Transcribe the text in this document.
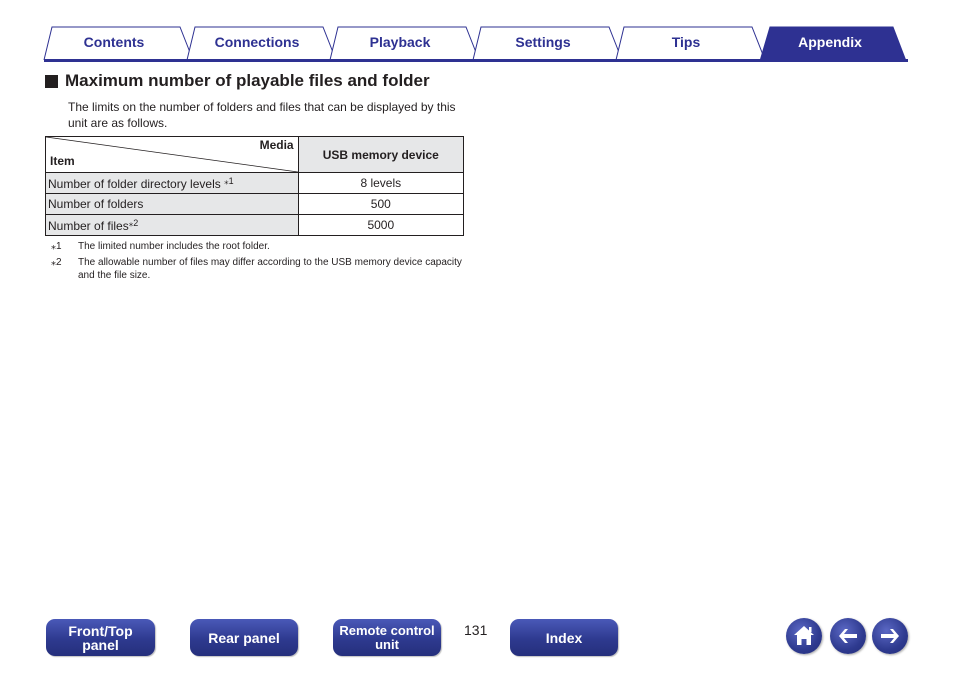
Contents	Connections	Playback	Settings	Tips	Appendix
Maximum number of playable files and folder
The limits on the number of folders and files that can be displayed by this unit are as follows.
Media
Item	USB memory device
Number of folder directory levels $^{⁎1}$	8 levels
Number of folders	500
Number of files$^{⁎2}$	5000
⁎1	The limited number includes the root folder.
⁎2	The allowable number of files may differ according to the USB memory device capacity and the file size.
Front/Top
panel	Rear panel	Remote control
unit
131	Index
